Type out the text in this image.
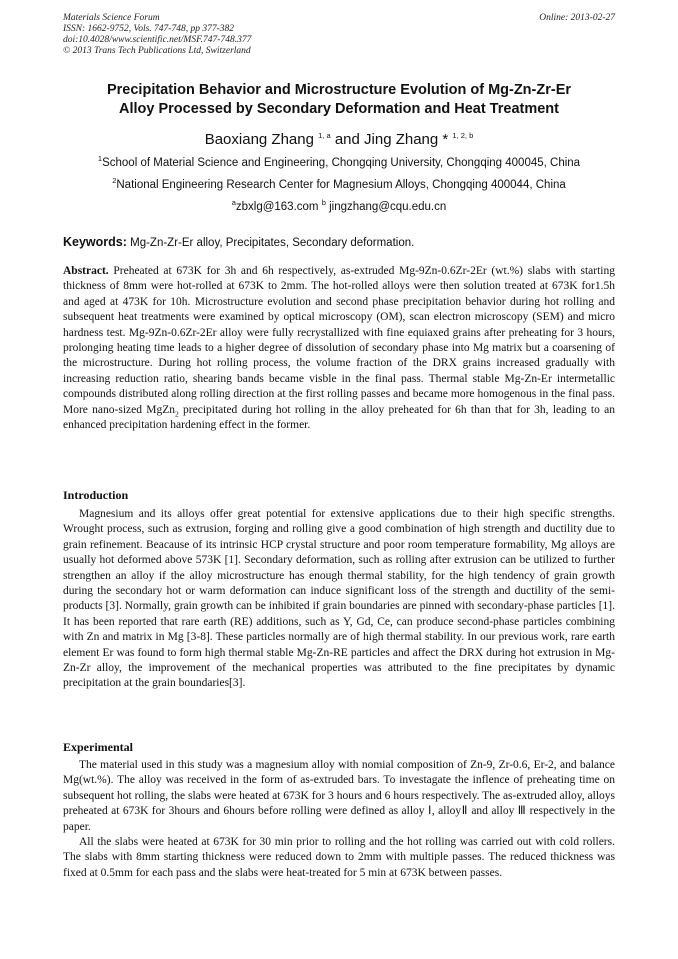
Materials Science Forum
ISSN: 1662-9752, Vols. 747-748, pp 377-382
doi:10.4028/www.scientific.net/MSF.747-748.377
© 2013 Trans Tech Publications Ltd, Switzerland
Online: 2013-02-27
Precipitation Behavior and Microstructure Evolution of Mg-Zn-Zr-Er
Alloy Processed by Secondary Deformation and Heat Treatment
Baoxiang Zhang $^{1, a}$ and Jing Zhang * $^{1, 2, b}$
$^1$School of Material Science and Engineering, Chongqing University, Chongqing 400045, China
$^2$National Engineering Research Center for Magnesium Alloys, Chongqing 400044, China
$^a$zbxlg@163.com $^b$ jingzhang@cqu.edu.cn
Keywords: Mg-Zn-Zr-Er alloy, Precipitates, Secondary deformation.
Abstract. Preheated at 673K for 3h and 6h respectively, as-extruded Mg-9Zn-0.6Zr-2Er (wt.%) slabs with starting thickness of 8mm were hot-rolled at 673K to 2mm. The hot-rolled alloys were then solution treated at 673K for1.5h and aged at 473K for 10h. Microstructure evolution and second phase precipitation behavior during hot rolling and subsequent heat treatments were examined by optical microscopy (OM), scan electron microscopy (SEM) and micro hardness test. Mg-9Zn-0.6Zr-2Er alloy were fully recrystallized with fine equiaxed grains after preheating for 3 hours, prolonging heating time leads to a higher degree of dissolution of secondary phase into Mg matrix but a coarsening of the microstructure. During hot rolling process, the volume fraction of the DRX grains increased gradually with increasing reduction ratio, shearing bands became visble in the final pass. Thermal stable Mg-Zn-Er intermetallic compounds distributed along rolling direction at the first rolling passes and became more homogenous in the final pass. More nano-sized MgZn$_2$ precipitated during hot rolling in the alloy preheated for 6h than that for 3h, leading to an enhanced precipitation hardening effect in the former.
Introduction

Magnesium and its alloys offer great potential for extensive applications due to their high specific strengths. Wrought process, such as extrusion, forging and rolling give a good combination of high strength and ductility due to grain refinement. Beacause of its intrinsic HCP crystal structure and poor room temperature formability, Mg alloys are usually hot deformed above 573K [1]. Secondary deformation, such as rolling after extrusion can be utilized to further strengthen an alloy if the alloy microstructure has enough thermal stability, for the high tendency of grain growth during the secondary hot or warm deformation can induce significant loss of the strength and ductility of the semi-products [3]. Normally, grain growth can be inhibited if grain boundaries are pinned with secondary-phase particles [1]. It has been reported that rare earth (RE) additions, such as Y, Gd, Ce, can produce second-phase particles combining with Zn and matrix in Mg [3-8]. These particles normally are of high thermal stability. In our previous work, rare earth element Er was found to form high thermal stable Mg-Zn-RE particles and affect the DRX during hot extrusion in Mg-Zn-Zr alloy, the improvement of the mechanical properties was attributed to the fine precipitates by dynamic precipitation at the grain boundaries[3].

Experimental

The material used in this study was a magnesium alloy with nomial composition of Zn-9, Zr-0.6, Er-2, and balance Mg(wt.%). The alloy was received in the form of as-extruded bars. To investagate the inflence of preheating time on subsequent hot rolling, the slabs were heated at 673K for 3 hours and 6 hours respectively. The as-extruded alloy, alloys preheated at 673K for 3hours and 6hours before rolling were defined as alloy Ⅰ, alloyⅡ and alloy Ⅲ respectively in the paper.

All the slabs were heated at 673K for 30 min prior to rolling and the hot rolling was carried out with cold rollers. The slabs with 8mm starting thickness were reduced down to 2mm with multiple passes. The reduced thickness was fixed at 0.5mm for each pass and the slabs were heat-treated for 5 min at 673K between passes.
